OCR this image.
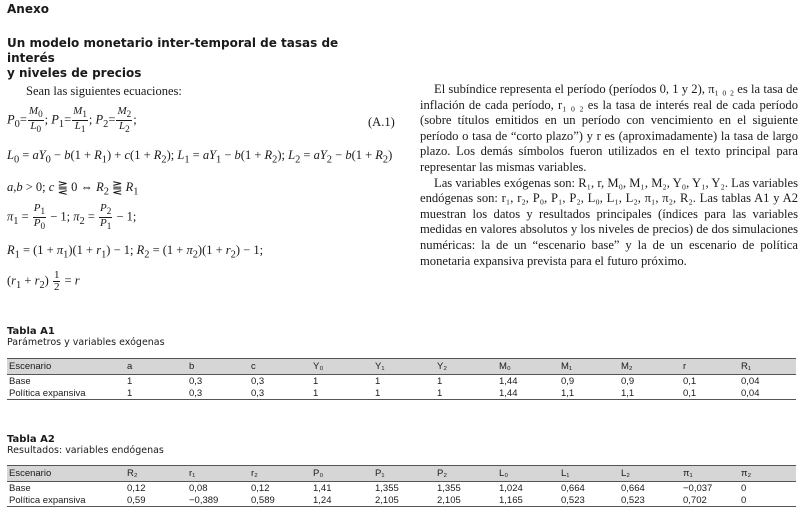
Anexo
Un modelo monetario inter-temporal de tasas de interés
y niveles de precios
Sean las siguientes ecuaciones:
$P_0= \frac{M_0}{L_0}$ ; $P_1= \frac{M_1}{L_1}$ ; $P_2= \frac{M_2}{L_2}$ ;	(A.1)
$L_0 = aY_0 - b(1 + R_1) + c(1 + R_2)$; $L_1 = aY_1 - b(1 + R_2)$; $L_2 = aY_2 - b(1 + R_2)$
a,b > 0; c ⪌ 0 ⇔ $R_2$ ⪌ $R_1$
$\pi_1 = \frac{P_1}{P_0} - 1$; $\pi_2 = \frac{P_2}{P_1} - 1$;
$R_1 = (1 + \pi_1)(1 + r_1) - 1$; $R_2 = (1 + \pi_2)(1 + r_2) - 1$;
$(r_1 + r_2) \frac{1}{2} = r$

El subíndice representa el período (períodos 0, 1 y 2), π₁ ₀ ₂ es la tasa de inflación de cada período, r₁ ₀ ₂ es la tasa de interés real de cada período (sobre títulos emitidos en un período con vencimiento en el siguiente período o tasa de “corto plazo”) y r es (aproximadamente) la tasa de largo plazo. Los demás símbolos fueron utilizados en el texto principal para representar las mismas variables.

Las variables exógenas son: R₁, r, M₀, M₁, M₂, Y₀, Y₁, Y₂. Las variables endógenas son: r₁, r₂, P₀, P₁, P₂, L₀, L₁, L₂, π₁, π₂, R₂. Las tablas A1 y A2 muestran los datos y resultados principales (índices para las variables medidas en valores absolutos y los niveles de precios) de dos simulaciones numéricas: la de un “escenario base” y la de un escenario de política monetaria expansiva prevista para el futuro próximo.

Tabla A1
Parámetros y variables exógenas
Escenario	a	b	c	Y₀	Y₁	Y₂	M₀	M₁	M₂	r	R₁
Base	1	0,3	0,3	1	1	1	1,44	0,9	0,9	0,1	0,04
Política expansiva	1	0,3	0,3	1	1	1	1,44	1,1	1,1	0,1	0,04
Tabla A2
Resultados: variables endógenas
Escenario	R₂	r₁	r₂	P₀	P₁	P₂	L₀	L₁	L₂	π₁	π₂
Base	0,12	0,08	0,12	1,41	1,355	1,355	1,024	0,664	0,664	−0,037	0
Política expansiva	0,59	−0,389	0,589	1,24	2,105	2,105	1,165	0,523	0,523	0,702	0
